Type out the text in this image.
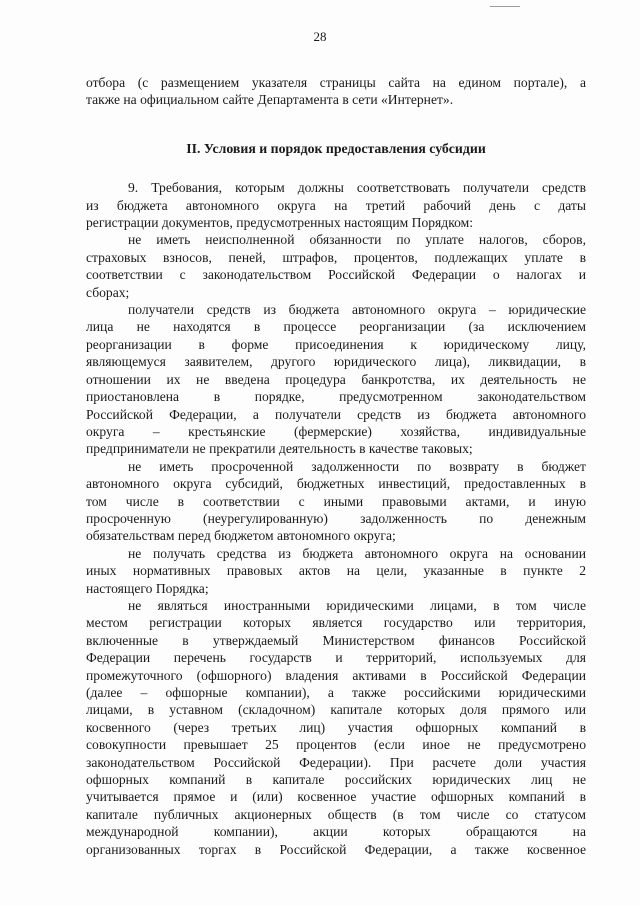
28
отбора (с размещением указателя страницы сайта на едином портале), а
также на официальном сайте Департамента в сети «Интернет».
II. Условия и порядок предоставления субсидии
9. Требования, которым должны соответствовать получатели средств
из бюджета автономного округа на третий рабочий день с даты
регистрации документов, предусмотренных настоящим Порядком:
не иметь неисполненной обязанности по уплате налогов, сборов,
страховых взносов, пеней, штрафов, процентов, подлежащих уплате в
соответствии с законодательством Российской Федерации о налогах и
сборах;
получатели средств из бюджета автономного округа – юридические
лица не находятся в процессе реорганизации (за исключением
реорганизации в форме присоединения к юридическому лицу,
являющемуся заявителем, другого юридического лица), ликвидации, в
отношении их не введена процедура банкротства, их деятельность не
приостановлена в порядке, предусмотренном законодательством
Российской Федерации, а получатели средств из бюджета автономного
округа – крестьянские (фермерские) хозяйства, индивидуальные
предприниматели не прекратили деятельность в качестве таковых;
не иметь просроченной задолженности по возврату в бюджет
автономного округа субсидий, бюджетных инвестиций, предоставленных в
том числе в соответствии с иными правовыми актами, и иную
просроченную (неурегулированную) задолженность по денежным
обязательствам перед бюджетом автономного округа;
не получать средства из бюджета автономного округа на основании
иных нормативных правовых актов на цели, указанные в пункте 2
настоящего Порядка;
не являться иностранными юридическими лицами, в том числе
местом регистрации которых является государство или территория,
включенные в утверждаемый Министерством финансов Российской
Федерации перечень государств и территорий, используемых для
промежуточного (офшорного) владения активами в Российской Федерации
(далее – офшорные компании), а также российскими юридическими
лицами, в уставном (складочном) капитале которых доля прямого или
косвенного (через третьих лиц) участия офшорных компаний в
совокупности превышает 25 процентов (если иное не предусмотрено
законодательством Российской Федерации). При расчете доли участия
офшорных компаний в капитале российских юридических лиц не
учитывается прямое и (или) косвенное участие офшорных компаний в
капитале публичных акционерных обществ (в том числе со статусом
международной компании), акции которых обращаются на
организованных торгах в Российской Федерации, а также косвенное
